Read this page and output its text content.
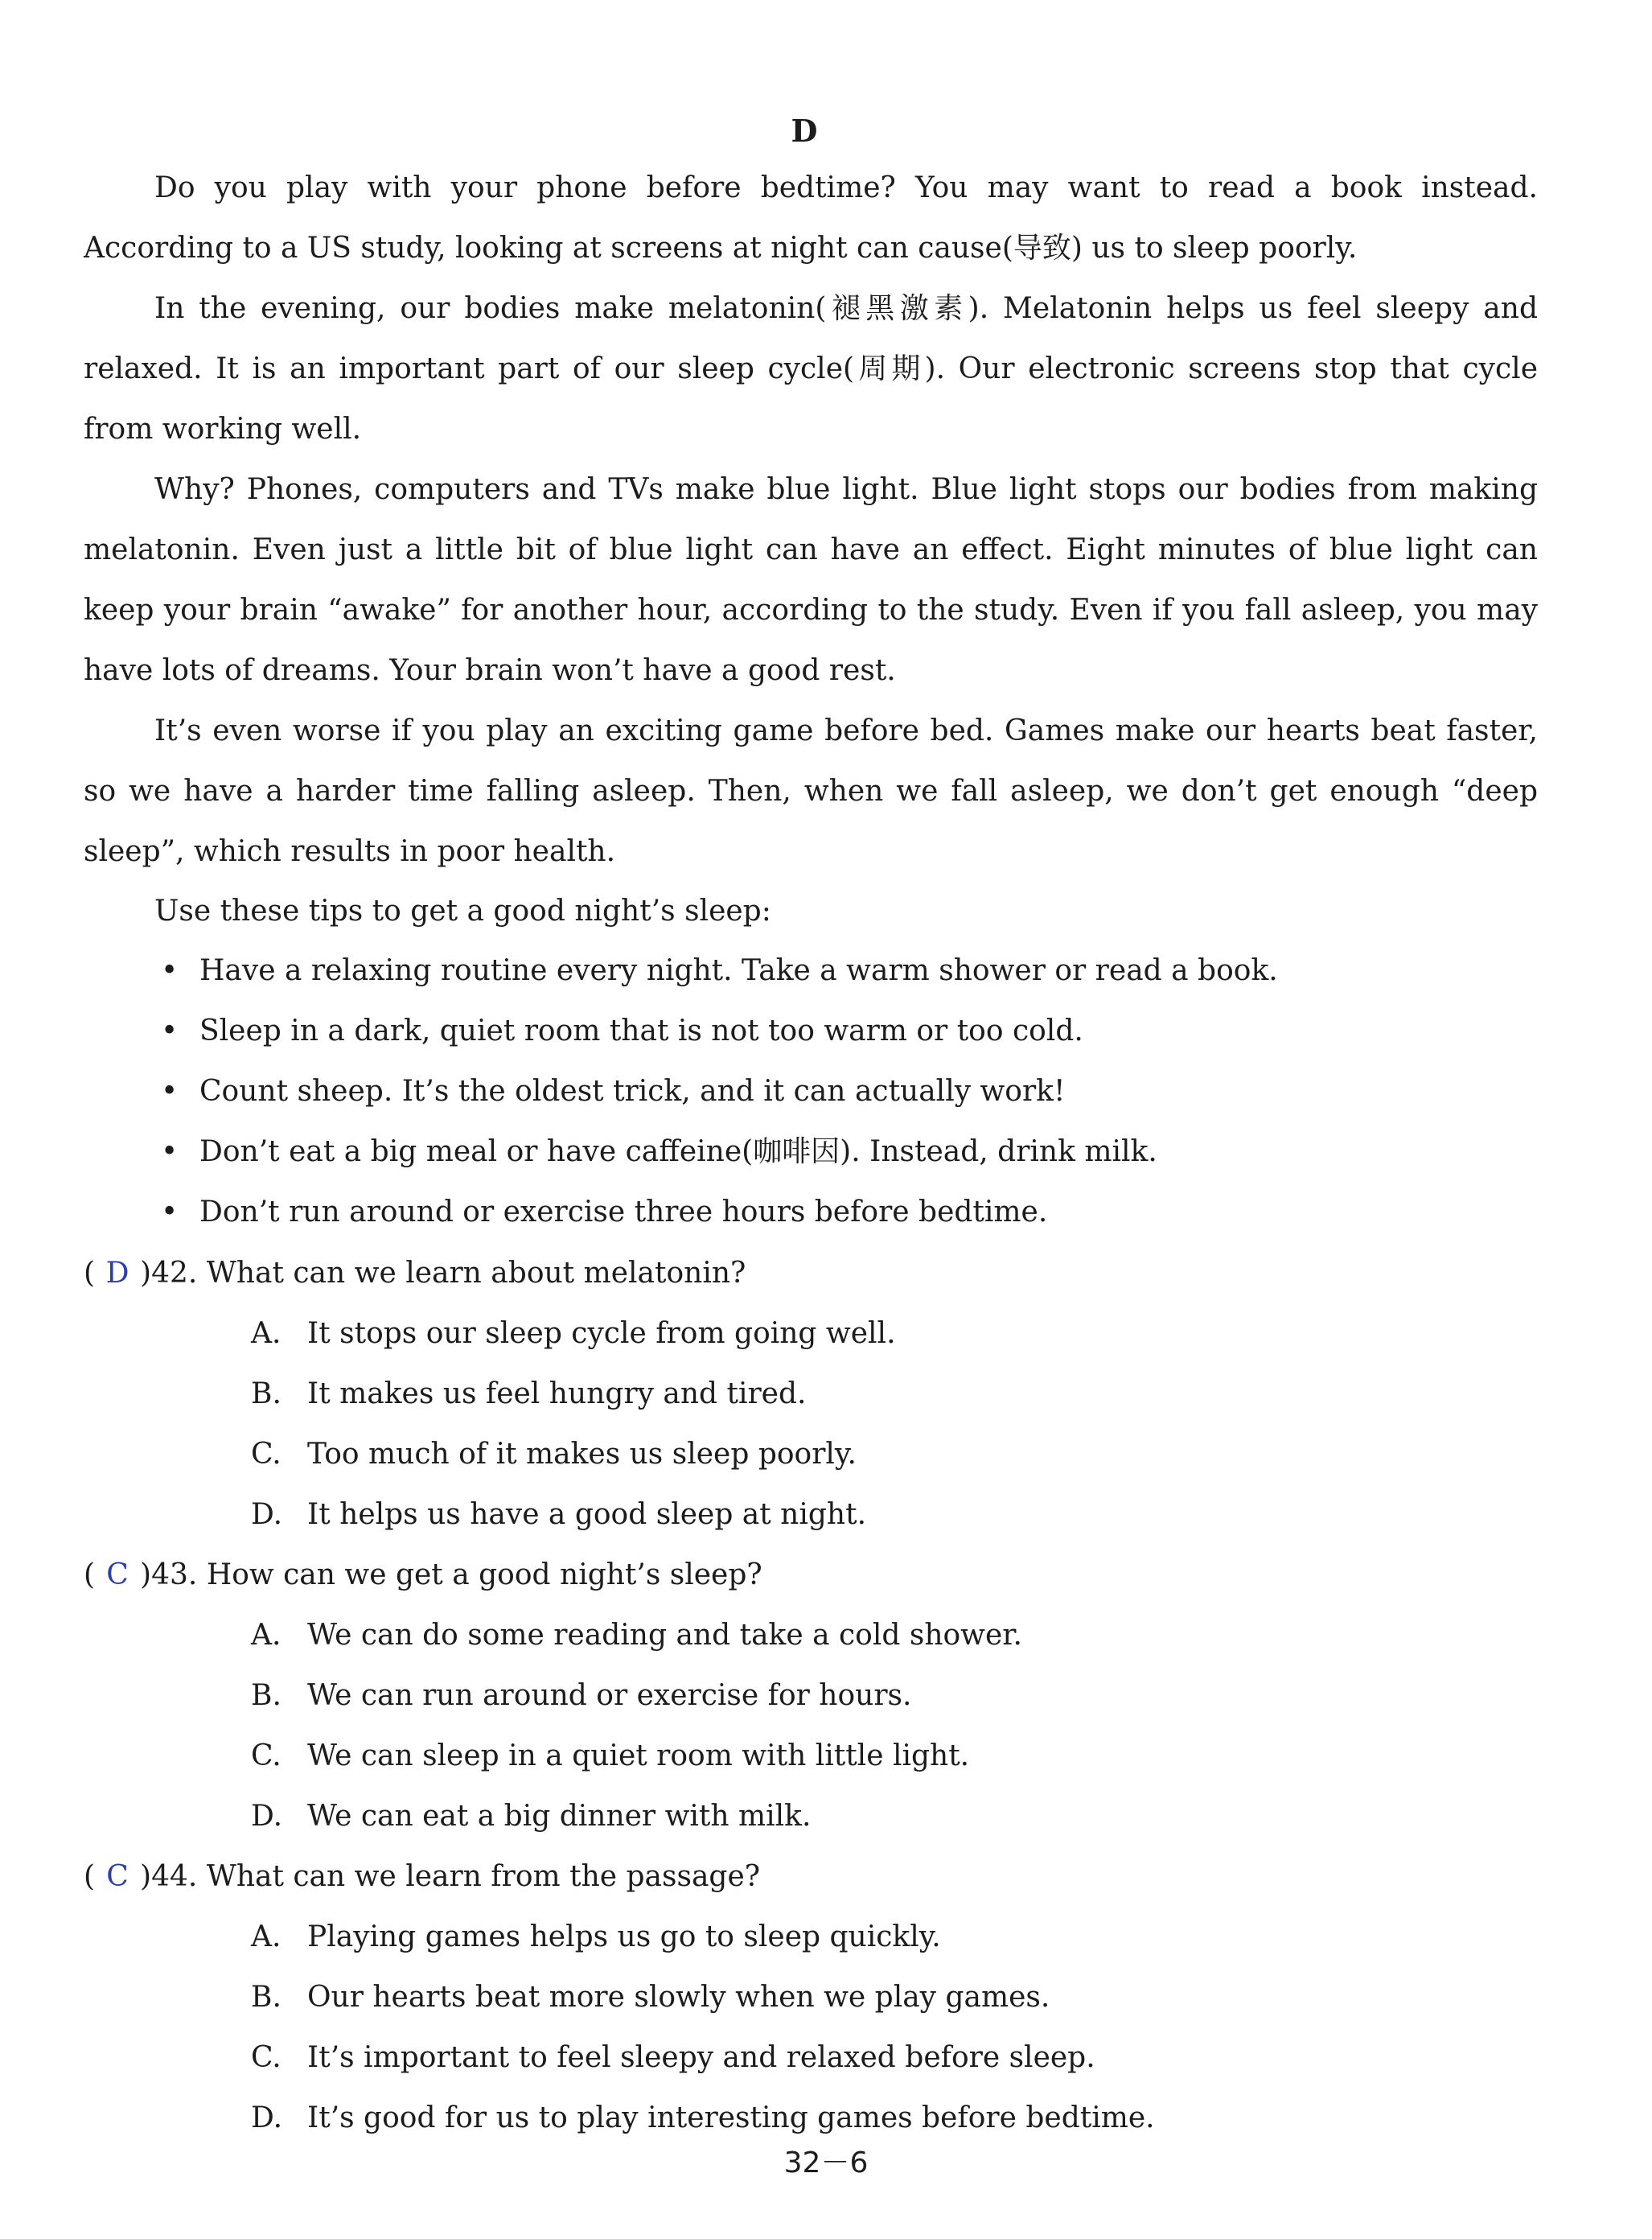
D

Do you play with your phone before bedtime? You may want to read a book instead. According to a US study, looking at screens at night can cause(导致) us to sleep poorly.

In the evening, our bodies make melatonin(褪黑激素). Melatonin helps us feel sleepy and relaxed. It is an important part of our sleep cycle(周期). Our electronic screens stop that cycle from working well.

Why? Phones, computers and TVs make blue light. Blue light stops our bodies from making melatonin. Even just a little bit of blue light can have an effect. Eight minutes of blue light can keep your brain “awake” for another hour, according to the study. Even if you fall asleep, you may have lots of dreams. Your brain won’t have a good rest.

It’s even worse if you play an exciting game before bed. Games make our hearts beat faster, so we have a harder time falling asleep. Then, when we fall asleep, we don’t get enough “deep sleep”, which results in poor health.

Use these tips to get a good night’s sleep:

• Have a relaxing routine every night. Take a warm shower or read a book.
• Sleep in a dark, quiet room that is not too warm or too cold.
• Count sheep. It’s the oldest trick, and it can actually work!
• Don’t eat a big meal or have caffeine(咖啡因). Instead, drink milk.
• Don’t run around or exercise three hours before bedtime.
( D )42. What can we learn about melatonin?
A. It stops our sleep cycle from going well.
B. It makes us feel hungry and tired.
C. Too much of it makes us sleep poorly.
D. It helps us have a good sleep at night.
( C )43. How can we get a good night’s sleep?
A. We can do some reading and take a cold shower.
B. We can run around or exercise for hours.
C. We can sleep in a quiet room with little light.
D. We can eat a big dinner with milk.
( C )44. What can we learn from the passage?
A. Playing games helps us go to sleep quickly.
B. Our hearts beat more slowly when we play games.
C. It’s important to feel sleepy and relaxed before sleep.
D. It’s good for us to play interesting games before bedtime.
32－6
